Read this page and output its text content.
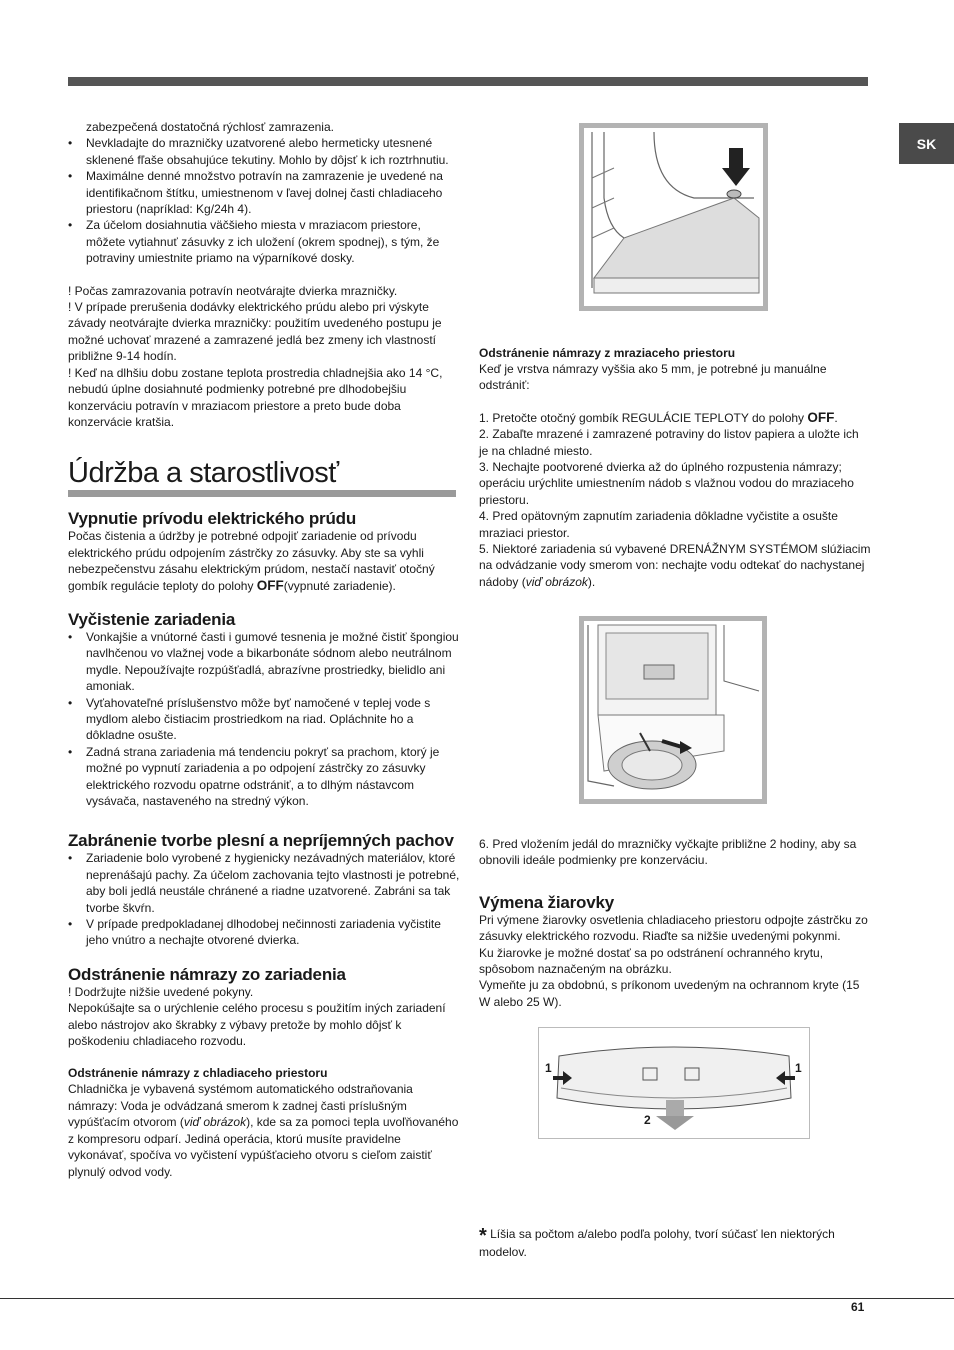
SK

zabezpečená dostatočná rýchlosť zamrazenia.

• Nevkladajte do mrazničky uzatvorené alebo hermeticky utesnené sklenené fľaše obsahujúce tekutiny. Mohlo by dôjsť k ich roztrhnutiu.
• Maximálne denné množstvo potravín na zamrazenie je uvedené na identifikačnom štítku, umiestnenom v ľavej dolnej časti chladiaceho priestoru (napríklad: Kg/24h 4).
• Za účelom dosiahnutia väčšieho miesta v mraziacom priestore, môžete vytiahnuť zásuvky z ich uložení (okrem spodnej), s tým, že potraviny umiestnite priamo na výparníkové dosky.

! Počas zamrazovania potravín neotvárajte dvierka mrazničky.

! V prípade prerušenia dodávky elektrického prúdu alebo pri výskyte závady neotvárajte dvierka mrazničky: použitím uvedeného postupu je možné uchovať mrazené a zamrazené jedlá bez zmeny ich vlastností približne 9-14 hodín.

! Keď na dlhšiu dobu zostane teplota prostredia chladnejšia ako 14 °C, nebudú úplne dosiahnuté podmienky potrebné pre dlhodobejšiu konzerváciu potravín v mraziacom priestore a preto bude doba konzervácie kratšia.

Údržba a starostlivosť
Vypnutie prívodu elektrického prúdu

Počas čistenia a údržby je potrebné odpojiť zariadenie od prívodu elektrického prúdu odpojením zástrčky zo zásuvky. Aby ste sa vyhli nebezpečenstvu zásahu elektrickým prúdom, nestačí nastaviť otočný gombík regulácie teploty do polohy OFF(vypnuté zariadenie).

Vyčistenie zariadenia
• Vonkajšie a vnútorné časti i gumové tesnenia je možné čistiť špongiou navlhčenou vo vlažnej vode a bikarbonáte sódnom alebo neutrálnom mydle. Nepoužívajte rozpúšťadlá, abrazívne prostriedky, bielidlo ani amoniak.
• Vyťahovateľné príslušenstvo môže byť namočené v teplej vode s mydlom alebo čistiacim prostriedkom na riad. Opláchnite ho a dôkladne osušte.
• Zadná strana zariadenia má tendenciu pokryť sa prachom, ktorý je možné po vypnutí zariadenia a po odpojení zástrčky zo zásuvky elektrického rozvodu opatrne odstrániť, a to dlhým nástavcom vysávača, nastaveného na stredný výkon.
Zabránenie tvorbe plesní a nepríjemných pachov
• Zariadenie bolo vyrobené z hygienicky nezávadných materiálov, ktoré neprenášajú pachy. Za účelom zachovania tejto vlastnosti je potrebné, aby boli jedlá neustále chránené a riadne uzatvorené. Zabráni sa tak tvorbe škvŕn.
• V prípade predpokladanej dlhodobej nečinnosti zariadenia vyčistite jeho vnútro a nechajte otvorené dvierka.
Odstránenie námrazy zo zariadenia

! Dodržujte nižšie uvedené pokyny.

Nepokúšajte sa o urýchlenie celého procesu s použitím iných zariadení alebo nástrojov ako škrabky z výbavy pretože by mohlo dôjsť k poškodeniu chladiaceho rozvodu.

Odstránenie námrazy z chladiaceho priestoru

Chladnička je vybavená systémom automatického odstraňovania námrazy: Voda je odvádzaná smerom k zadnej časti príslušným vypúšťacím otvorom (viď obrázok), kde sa za pomoci tepla uvoľňovaného z kompresoru odparí. Jediná operácia, ktorú musíte pravidelne vykonávať, spočíva vo vyčistení vypúšťacieho otvoru s cieľom zaistiť plynulý odvod vody.

Odstránenie námrazy z mraziaceho priestoru

Keď je vrstva námrazy vyššia ako 5 mm, je potrebné ju manuálne odstrániť:

1. Pretočte otočný gombík REGULÁCIE TEPLOTY do polohy OFF.

2. Zabaľte mrazené i zamrazené potraviny do listov papiera a uložte ich je na chladné miesto.

3. Nechajte pootvorené dvierka až do úplného rozpustenia námrazy; operáciu urýchlite umiestnením nádob s vlažnou vodou do mraziaceho priestoru.

4. Pred opätovným zapnutím zariadenia dôkladne vyčistite a osušte mraziaci priestor.

5. Niektoré zariadenia sú vybavené DRENÁŽNYM SYSTÉMOM slúžiacim na odvádzanie vody smerom von: nechajte vodu odtekať do nachystanej nádoby (viď obrázok).

6. Pred vložením jedál do mrazničky vyčkajte približne 2 hodiny, aby sa obnovili ideále podmienky pre konzerváciu.

Výmena žiarovky

Pri výmene žiarovky osvetlenia chladiaceho priestoru odpojte zástrčku zo zásuvky elektrického rozvodu. Riaďte sa nižšie uvedenými pokynmi.

Ku žiarovke je možné dostať sa po odstránení ochranného krytu, spôsobom naznačeným na obrázku.

Vymeňte ju za obdobnú, s príkonom uvedeným na ochrannom kryte (15 W alebo 25 W).

1	1
2
* Líšia sa počtom a/alebo podľa polohy, tvorí súčasť len niektorých modelov.
61
